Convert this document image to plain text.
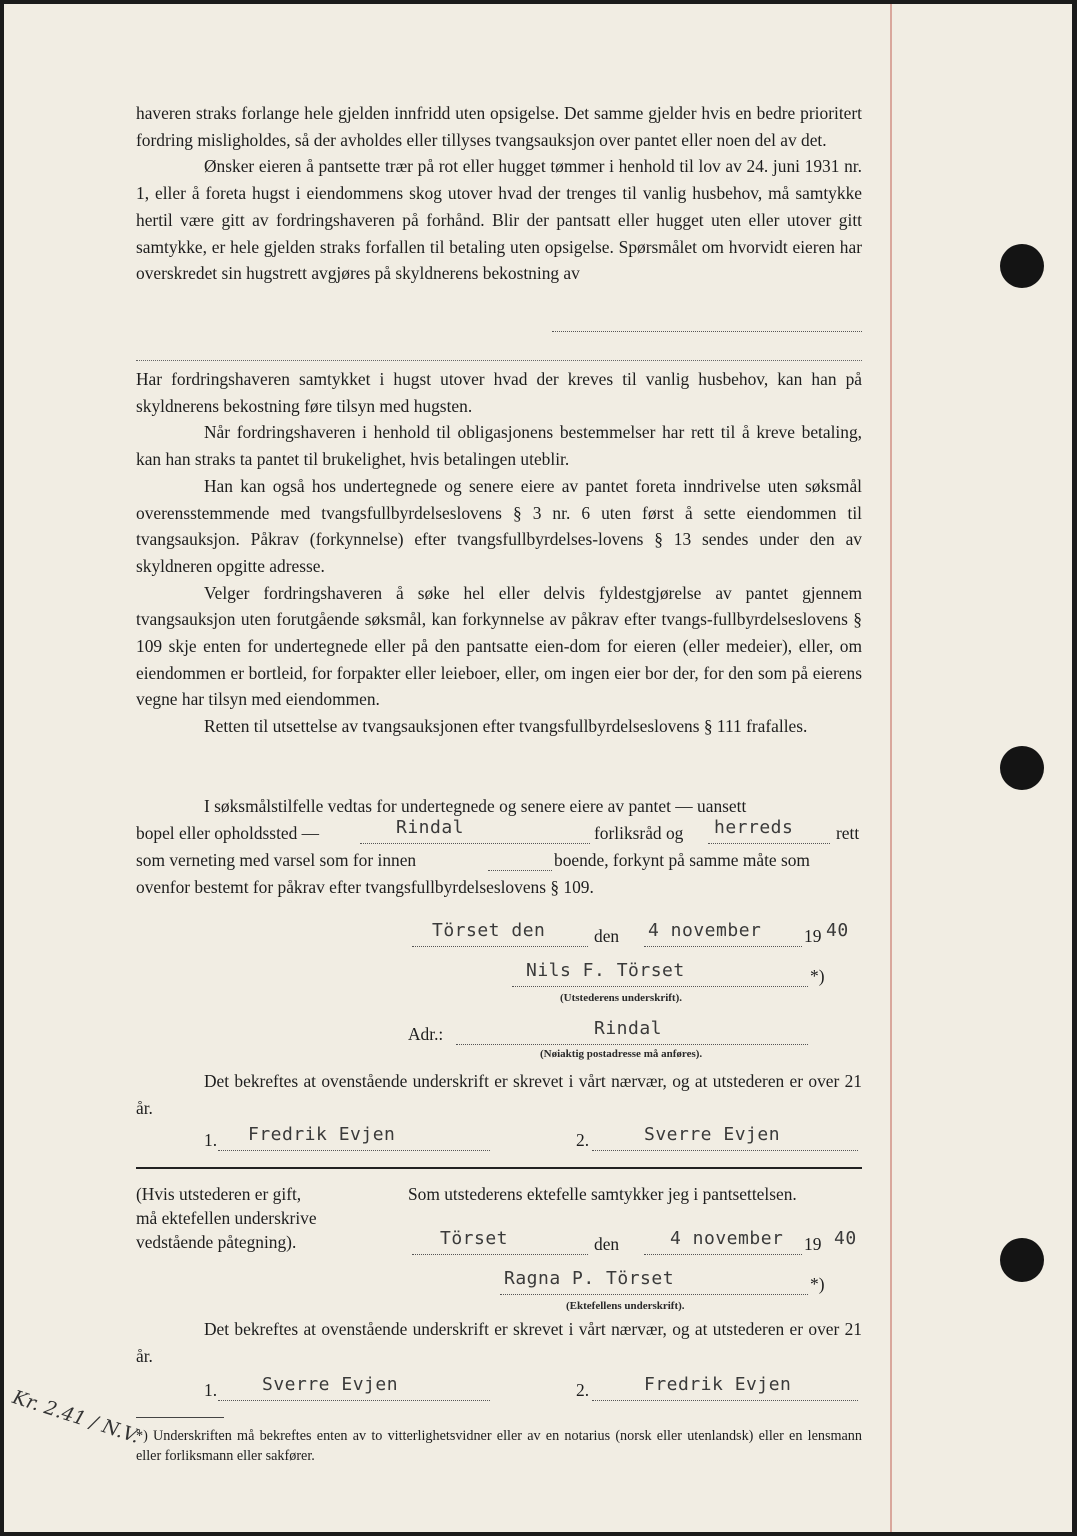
haveren straks forlange hele gjelden innfridd uten opsigelse. Det samme gjelder hvis en bedre prioritert fordring misligholdes, så der avholdes eller tillyses tvangsauksjon over pantet eller noen del av det.

Ønsker eieren å pantsette trær på rot eller hugget tømmer i henhold til lov av 24. juni 1931 nr. 1, eller å foreta hugst i eiendommens skog utover hvad der trenges til vanlig husbehov, må samtykke hertil være gitt av fordringshaveren på forhånd. Blir der pantsatt eller hugget uten eller utover gitt samtykke, er hele gjelden straks forfallen til betaling uten opsigelse. Spørsmålet om hvorvidt eieren har overskredet sin hugstrett avgjøres på skyldnerens bekostning av

Har fordringshaveren samtykket i hugst utover hvad der kreves til vanlig husbehov, kan han på skyldnerens bekostning føre tilsyn med hugsten.

Når fordringshaveren i henhold til obligasjonens bestemmelser har rett til å kreve betaling, kan han straks ta pantet til brukelighet, hvis betalingen uteblir.

Han kan også hos undertegnede og senere eiere av pantet foreta inndrivelse uten søksmål overensstemmende med tvangsfullbyrdelseslovens § 3 nr. 6 uten først å sette eiendommen til tvangsauksjon. Påkrav (forkynnelse) efter tvangsfullbyrdelses-lovens § 13 sendes under den av skyldneren opgitte adresse.

Velger fordringshaveren å søke hel eller delvis fyldestgjørelse av pantet gjennem tvangsauksjon uten forutgående søksmål, kan forkynnelse av påkrav efter tvangs-fullbyrdelseslovens § 109 skje enten for undertegnede eller på den pantsatte eien-dom for eieren (eller medeier), eller, om eiendommen er bortleid, for forpakter eller leieboer, eller, om ingen eier bor der, for den som på eierens vegne har tilsyn med eiendommen.

Retten til utsettelse av tvangsauksjonen efter tvangsfullbyrdelseslovens § 111 frafalles.

I søksmålstilfelle vedtas for undertegnede og senere eiere av pantet — uansett
bopel eller opholdssted —	Rindal	forliksråd og herreds rett
som verneting med varsel som for innen	boende, forkynt på samme måte som
ovenfor bestemt for påkrav efter tvangsfullbyrdelseslovens § 109.
Törset den	den 4 november 19 40
Nils F. Törset	*)
(Utstederens underskrift).
Adr.:	Rindal
(Nøiaktig postadresse må anføres).

Det bekreftes at ovenstående underskrift er skrevet i vårt nærvær, og at utstederen er over 21 år.

1. Fredrik Evjen	2.	Sverre Evjen
(Hvis utstederen er gift,
må ektefellen underskrive
vedstående påtegning).
Som utstederens ektefelle samtykker jeg i pantsettelsen.
Törset	den	4 november 19 40
Ragna P. Törset	*)
(Ektefellens underskrift).

Det bekreftes at ovenstående underskrift er skrevet i vårt nærvær, og at utstederen er over 21 år.

1. Sverre Evjen	2.	Fredrik Evjen
*) Underskriften må bekreftes enten av to vitterlighetsvidner eller av en notarius (norsk eller utenlandsk) eller en lensmann eller forliksmann eller sakfører.
Kr. 2.41 / N.V.
